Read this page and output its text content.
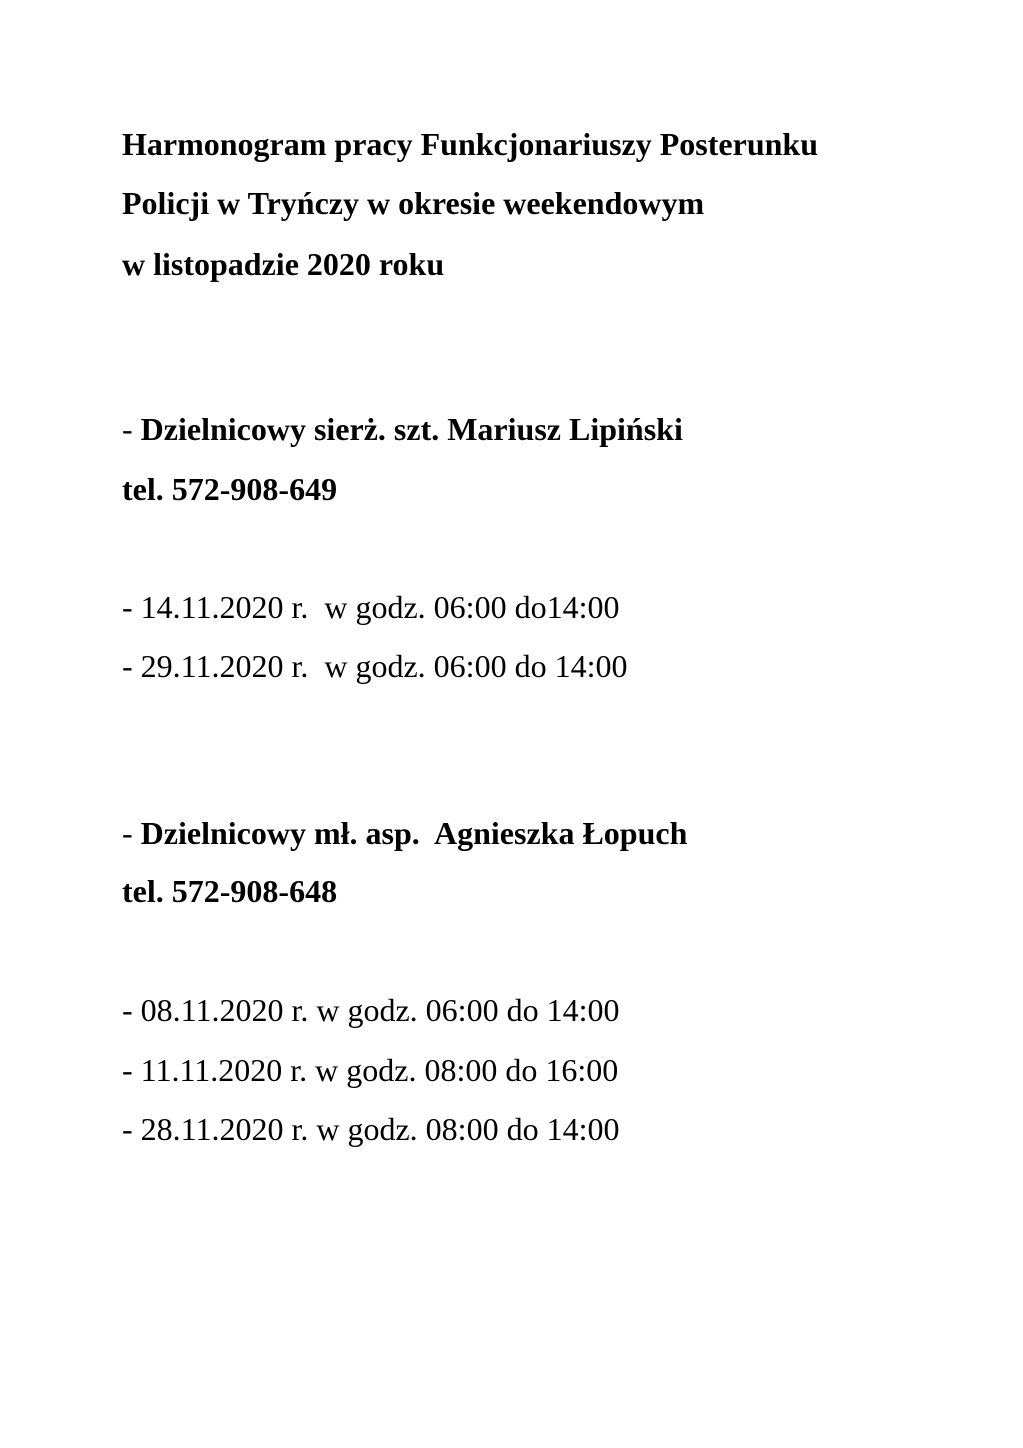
Harmonogram pracy Funkcjonariuszy Posterunku
Policji w Tryńczy w okresie weekendowym
w listopadzie 2020 roku
- Dzielnicowy sierż. szt. Mariusz Lipiński
tel. 572-908-649
- 14.11.2020 r.  w godz. 06:00 do14:00
- 29.11.2020 r.  w godz. 06:00 do 14:00
- Dzielnicowy mł. asp.  Agnieszka Łopuch
tel. 572-908-648
- 08.11.2020 r. w godz. 06:00 do 14:00
- 11.11.2020 r. w godz. 08:00 do 16:00
- 28.11.2020 r. w godz. 08:00 do 14:00
